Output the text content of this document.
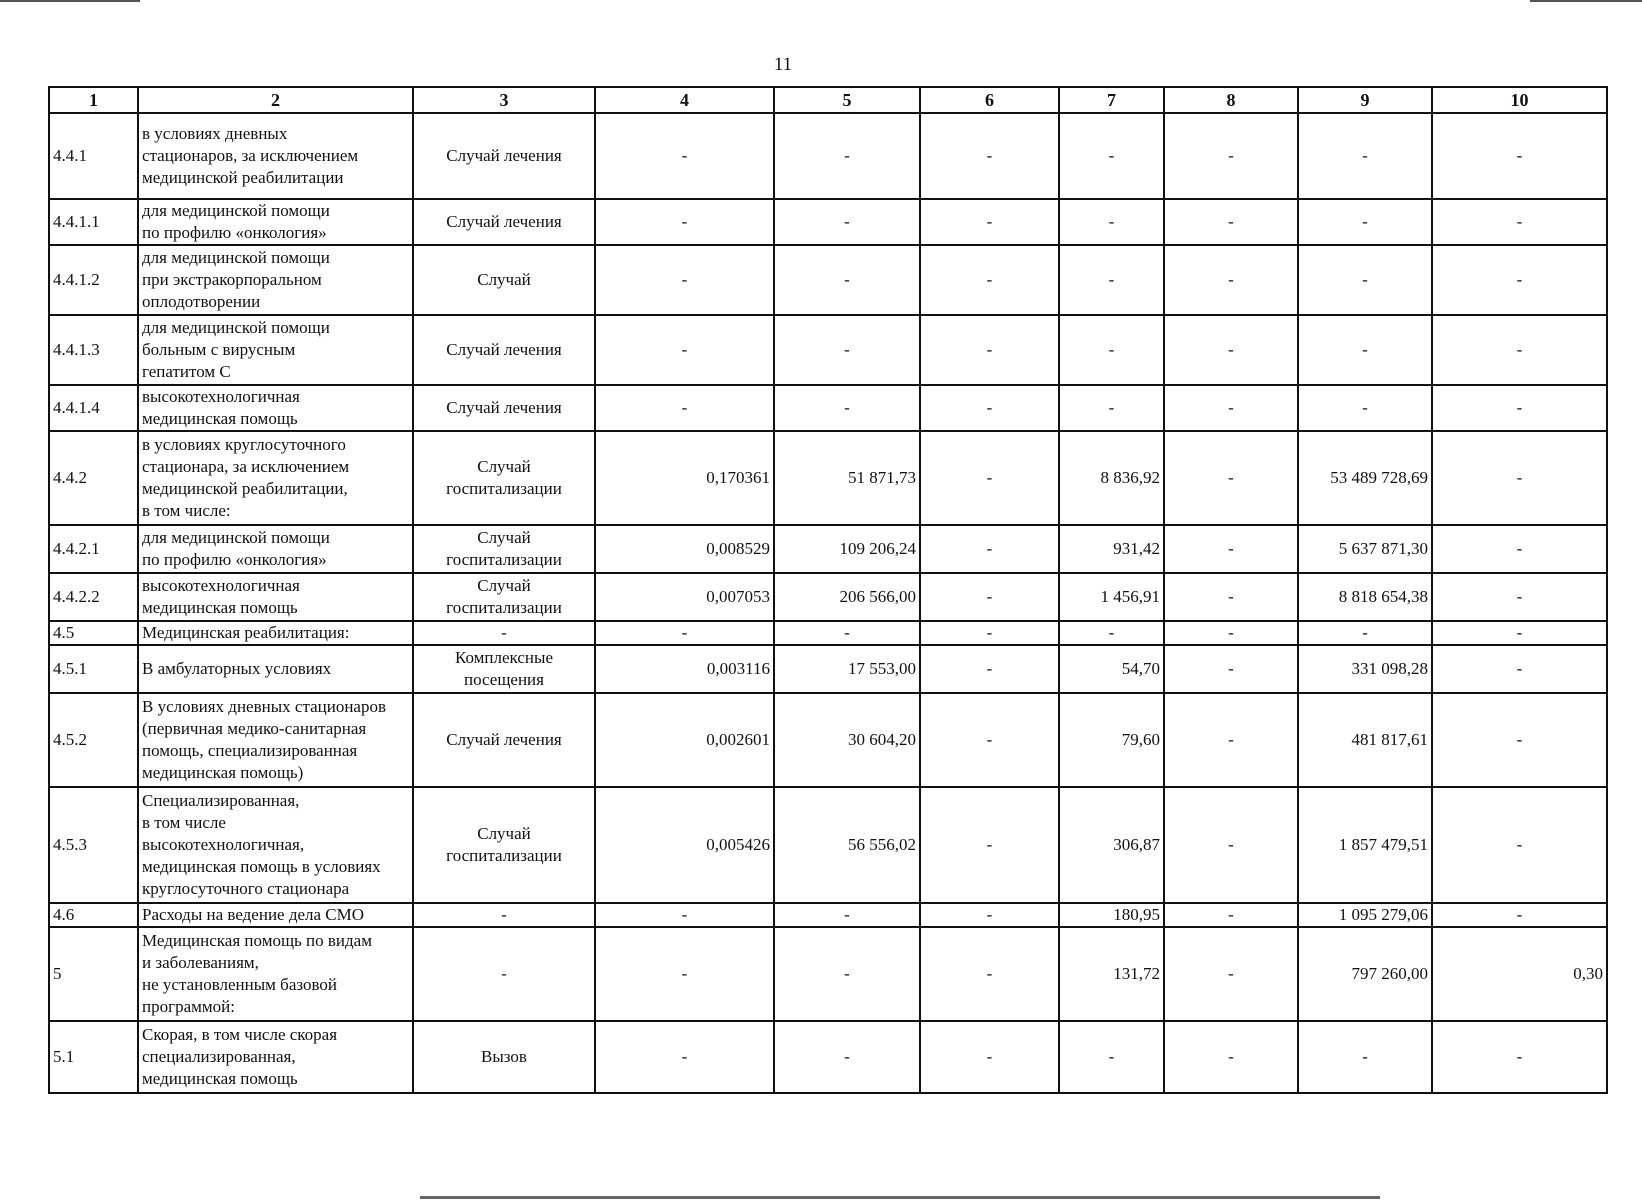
11
1	2	3	4	5	6	7	8	9	10
4.4.1	в условиях дневных
стационаров, за исключением
медицинской реабилитации	Случай лечения	-	-	-	-	-	-	-
4.4.1.1	для медицинской помощи
по профилю «онкология»	Случай лечения	-	-	-	-	-	-	-
4.4.1.2	для медицинской помощи
при экстракорпоральном
оплодотворении	Случай	-	-	-	-	-	-	-
4.4.1.3	для медицинской помощи
больным с вирусным
гепатитом С	Случай лечения	-	-	-	-	-	-	-
4.4.1.4	высокотехнологичная
медицинская помощь	Случай лечения	-	-	-	-	-	-	-
4.4.2	в условиях круглосуточного
стационара, за исключением
медицинской реабилитации,
в том числе:	Случай
госпитализации	0,170361	51 871,73	-	8 836,92	-	53 489 728,69	-
4.4.2.1	для медицинской помощи
по профилю «онкология»	Случай
госпитализации	0,008529	109 206,24	-	931,42	-	5 637 871,30	-
4.4.2.2	высокотехнологичная
медицинская помощь	Случай
госпитализации	0,007053	206 566,00	-	1 456,91	-	8 818 654,38	-
4.5	Медицинская реабилитация:	-	-	-	-	-	-	-	-
4.5.1	В амбулаторных условиях	Комплексные
посещения	0,003116	17 553,00	-	54,70	-	331 098,28	-
4.5.2	В условиях дневных стационаров
(первичная медико-санитарная
помощь, специализированная
медицинская помощь)	Случай лечения	0,002601	30 604,20	-	79,60	-	481 817,61	-
4.5.3	Специализированная,
в том числе
высокотехнологичная,
медицинская помощь в условиях
круглосуточного стационара	Случай
госпитализации	0,005426	56 556,02	-	306,87	-	1 857 479,51	-
4.6	Расходы на ведение дела СМО	-	-	-	-	180,95	-	1 095 279,06	-
5	Медицинская помощь по видам
и заболеваниям,
не установленным базовой
программой:	-	-	-	-	131,72	-	797 260,00	0,30
5.1	Скорая, в том числе скорая
специализированная,
медицинская помощь	Вызов	-	-	-	-	-	-	-
